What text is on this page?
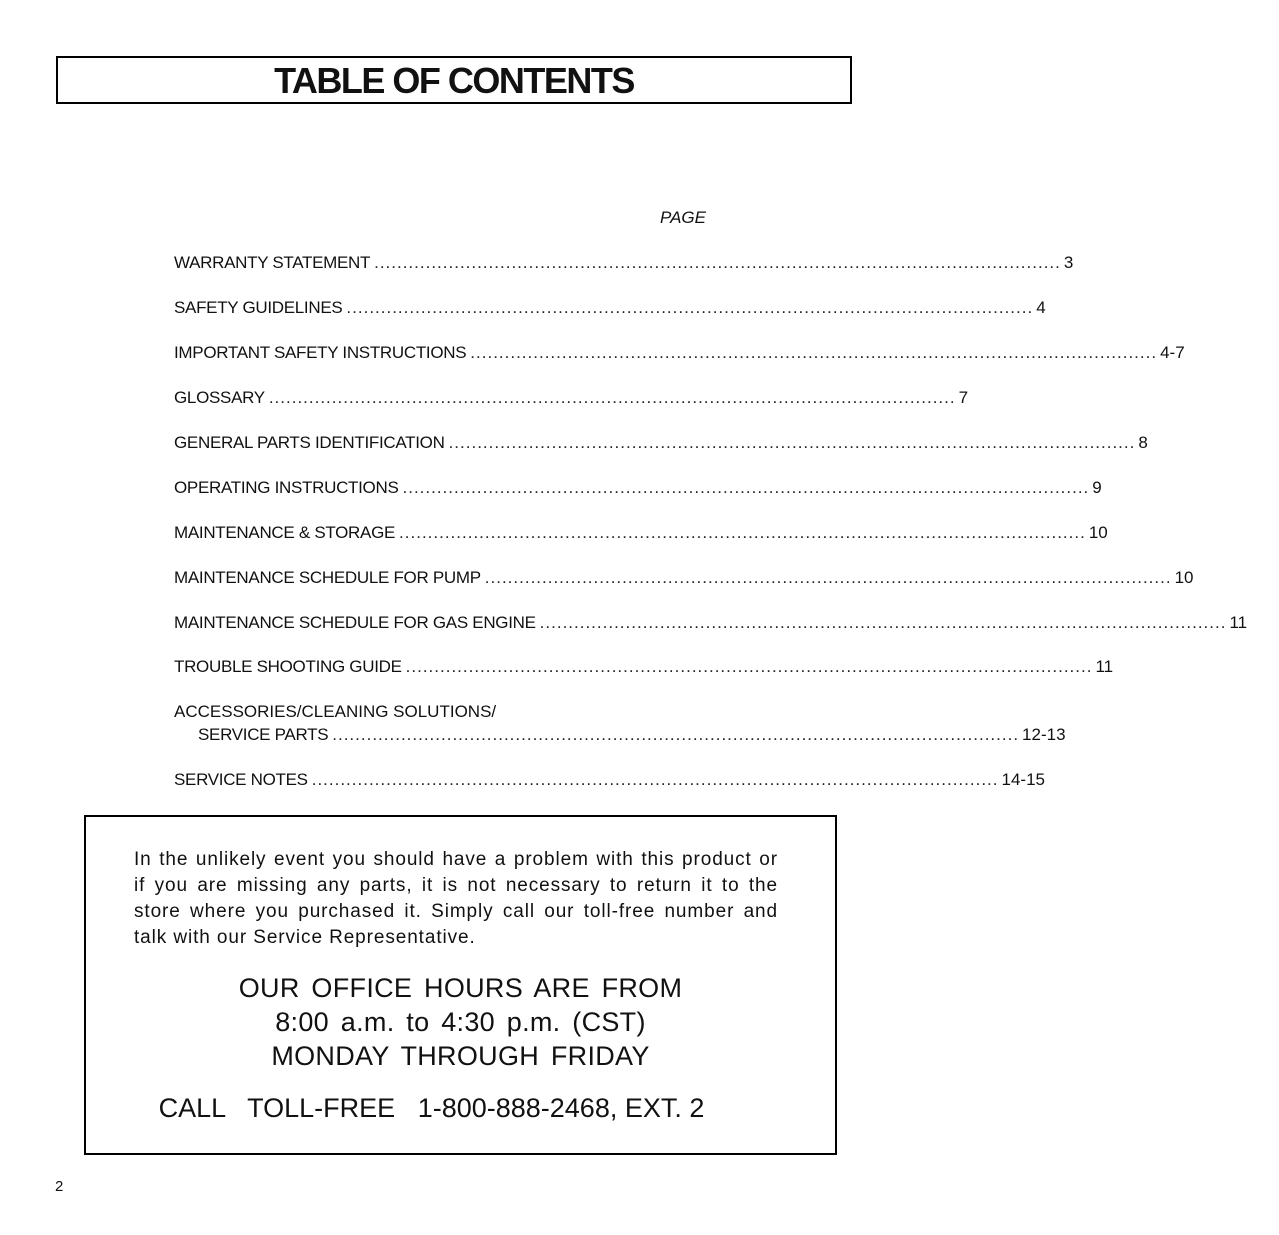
TABLE OF CONTENTS
PAGE
WARRANTY STATEMENT ........................................................................................................................ 3
SAFETY GUIDELINES ........................................................................................................................ 4
IMPORTANT SAFETY INSTRUCTIONS ........................................................................................................................ 4-7
GLOSSARY ........................................................................................................................ 7
GENERAL PARTS IDENTIFICATION ........................................................................................................................ 8
OPERATING INSTRUCTIONS ........................................................................................................................ 9
MAINTENANCE & STORAGE ........................................................................................................................ 10
MAINTENANCE SCHEDULE FOR PUMP ........................................................................................................................ 10
MAINTENANCE SCHEDULE FOR GAS ENGINE ........................................................................................................................ 11
TROUBLE SHOOTING GUIDE ........................................................................................................................ 11
ACCESSORIES/CLEANING SOLUTIONS/
SERVICE PARTS ........................................................................................................................ 12-13
SERVICE NOTES ........................................................................................................................ 14-15
In the unlikely event you should have a problem with this product or if you are missing any parts, it is not necessary to return it to the store where you purchased it. Simply call our toll-free number and talk with our Service Representative.
OUR OFFICE HOURS ARE FROM
8:00 a.m. to 4:30 p.m. (CST)
MONDAY THROUGH FRIDAY
CALL   TOLL-FREE   1-800-888-2468, EXT. 2
2
